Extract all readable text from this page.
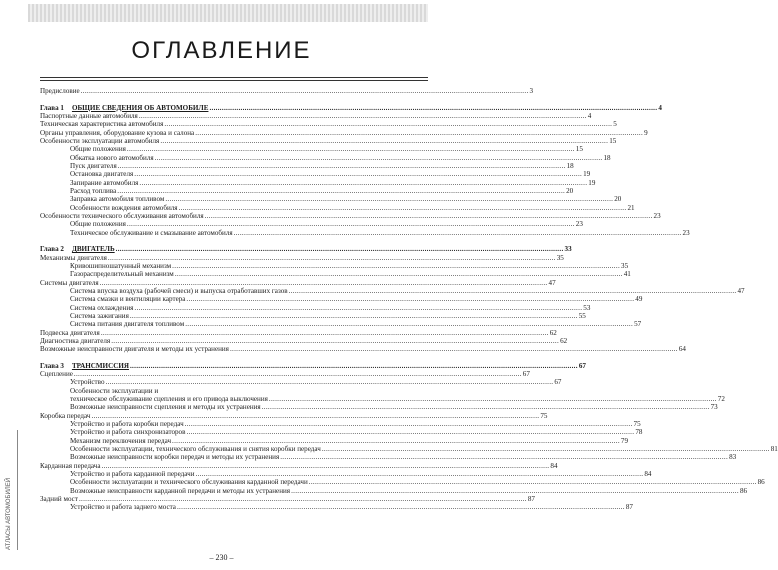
ОГЛАВЛЕНИЕ
Предисловие .....	3
Глава 1 ОБЩИЕ СВЕДЕНИЯ ОБ АВТОМОБИЛЕ .....	4
Паспортные данные автомобиля .....	4
Техническая характеристика автомобиля .....	5
Органы управления, оборудование кузова и салона .....	9
Особенности эксплуатации автомобиля .....	15
Общие положения .....	15
Обкатка нового автомобиля .....	18
Пуск двигателя .....	18
Остановка двигателя .....	19
Запирание автомобиля .....	19
Расход топлива .....	20
Заправка автомобиля топливом .....	20
Особенности вождения автомобиля .....	21
Особенности технического обслуживания автомобиля .....	23
Общие положения .....	23
Техническое обслуживание и смазывание автомобиля .....	23
Глава 2 ДВИГАТЕЛЬ .....	33
Механизмы двигателя .....	35
Кривошипношатунный механизм .....	35
Газораспределительный механизм .....	41
Системы двигателя .....	47
Система впуска воздуха (рабочей смеси) и выпуска отработавших газов .....	47
Система смазки и вентиляции картера .....	49
Система охлаждения .....	53
Система зажигания .....	55
Система питания двигателя топливом .....	57
Подвеска двигателя .....	62
Диагностика двигателя .....	62
Возможные неисправности двигателя и методы их устранения .....	64
Глава 3 ТРАНСМИССИЯ .....	67
Сцепление .....	67
Устройство .....	67
Особенности эксплуатации и
техническое обслуживание сцепления и его привода выключения .....	72
Возможные неисправности сцепления и методы их устранения .....	73
Коробка передач .....	75
Устройство и работа коробки передач .....	75
Устройство и работа синхронизаторов .....	78
Механизм переключения передач .....	79
Особенности эксплуатации, технического обслуживания и снятия коробки передач .....	81
Возможные неисправности коробки передач и методы их устранения .....	83
Карданная передача .....	84
Устройство и работа карданной передачи .....	84
Особенности эксплуатации и технического обслуживания карданной передачи .....	86
Возможные неисправности карданной передачи и методы их устранения .....	86
Задний мост .....	87
Устройство и работа заднего моста .....	87
АТЛАСЫ АВТОМОБИЛЕЙ
– 230 –
